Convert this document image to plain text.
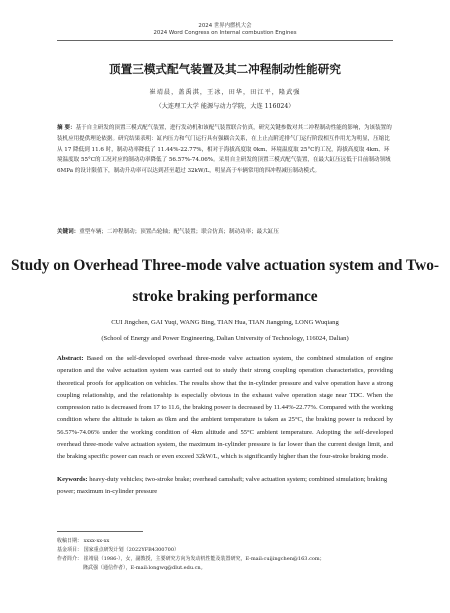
2024 世界内燃机大会
2024 Word Congress on Internal combustion Engines
顶置三模式配气装置及其二冲程制动性能研究
崔靖晨，盖禹淇，王冰，田华，田江平，隆武强
（大连理工大学 能源与动力学院，大连 116024）
摘 要：基于自主研发的顶置三模式配气装置，进行发动机和该配气装置联合仿真，研究关键参数对其二冲程制动性能的影响，为该装置的装机应用提供理论依据。研究结果表明：缸内压力和气门运行具有强耦合关系，在上止点附近排气门运行阶段相互作用尤为明显，压缩比从 17 降低到 11.6 时，制动功率降低了 11.44%-22.77%，相对于海拔高度取 0km、环境温度取 25°C的工况，海拔高度取 4km、环境温度取 55°C的工况对应的制动功率降低了 56.57%-74.06%。采用自主研发的顶置三模式配气装置，在最大缸压远低于目前制动领域 6MPa 的设计限值下，制动升功率可以达到甚至超过 32kW/L，明显高于车辆常用的四冲程减压制动模式。
关键词：重型车辆；二冲程制动；顶置凸轮轴；配气装置；联合仿真；制动功率；最大缸压
Study on Overhead Three-mode valve actuation system and Two-stroke braking performance
CUI Jingchen, GAI Yuqi, WANG Bing, TIAN Hua, TIAN Jiangping, LONG Wuqiang
(School of Energy and Power Engineering, Dalian University of Technology, 116024, Dalian)
Abstract: Based on the self-developed overhead three-mode valve actuation system, the combined simulation of engine operation and the valve actuation system was carried out to study their strong coupling operation characteristics, providing theoretical proofs for application on vehicles. The results show that the in-cylinder pressure and valve operation have a strong coupling relationship, and the relationship is especially obvious in the exhaust valve operation stage near TDC. When the compression ratio is decreased from 17 to 11.6, the braking power is decreased by 11.44%-22.77%. Compared with the working condition where the altitude is taken as 0km and the ambient temperature is taken as 25°C, the braking power is reduced by 56.57%-74.06% under the working condition of 4km altitude and 55°C ambient temperature. Adopting the self-developed overhead three-mode valve actuation system, the maximum in-cylinder pressure is far lower than the current design limit, and the braking specific power can reach or even exceed 32kW/L, which is significantly higher than the four-stroke braking mode.
Keywords: heavy-duty vehicles; two-stroke brake; overhead camshaft; valve actuation system; combined simulation; braking power; maximum in-cylinder pressure
收稿日期： xxxx-xx-xx
基金项目： 国家重点研发计划（2022YFB4300700）
作者简介： 崔靖晨（1986-），女，副教授，主要研究方向为发动机性能及装置研究，E-mail:cuijingchen@163.com；
隆武强（通信作者），E-mail:longwq@dlut.edu.cn。
